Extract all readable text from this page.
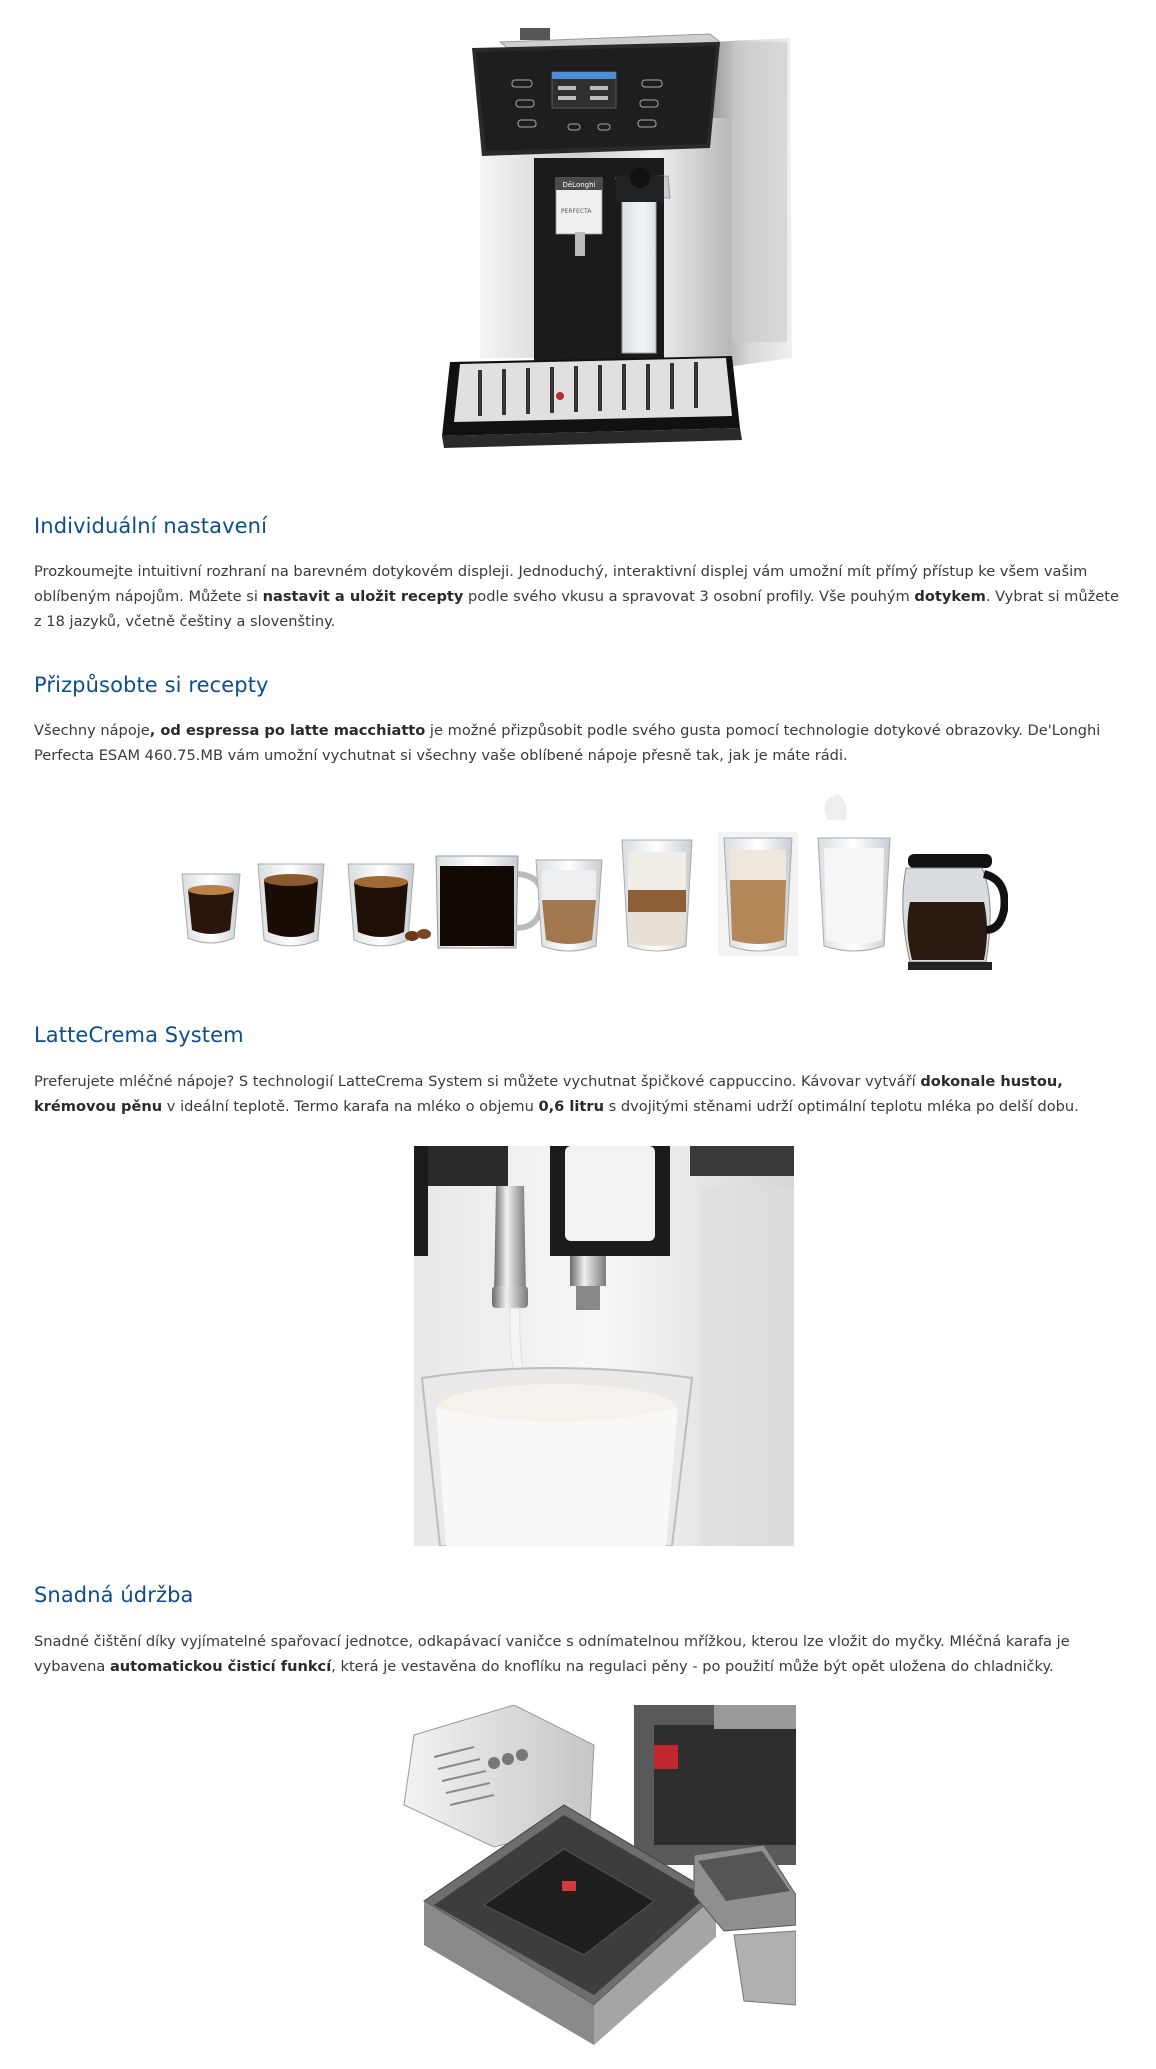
DēLonghi
PERFECTA
Individuální nastavení

Prozkoumejte intuitivní rozhraní na barevném dotykovém displeji. Jednoduchý, interaktivní displej vám umožní mít přímý přístup ke všem vašim oblíbeným nápojům. Můžete si nastavit a uložit recepty podle svého vkusu a spravovat 3 osobní profily. Vše pouhým dotykem. Vybrat si můžete z 18 jazyků, včetně češtiny a slovenštiny.

Přizpůsobte si recepty

Všechny nápoje, od espressa po latte macchiatto je možné přizpůsobit podle svého gusta pomocí technologie dotykové obrazovky. De'Longhi Perfecta ESAM 460.75.MB vám umožní vychutnat si všechny vaše oblíbené nápoje přesně tak, jak je máte rádi.

LatteCrema System

Preferujete mléčné nápoje? S technologií LatteCrema System si můžete vychutnat špičkové cappuccino. Kávovar vytváří dokonale hustou, krémovou pěnu v ideální teplotě. Termo karafa na mléko o objemu 0,6 litru s dvojitými stěnami udrží optimální teplotu mléka po delší dobu.

Snadná údržba

Snadné čištění díky vyjímatelné spařovací jednotce, odkapávací vaničce s odnímatelnou mřížkou, kterou lze vložit do myčky. Mléčná karafa je vybavena automatickou čisticí funkcí, která je vestavěna do knoflíku na regulaci pěny - po použití může být opět uložena do chladničky.
